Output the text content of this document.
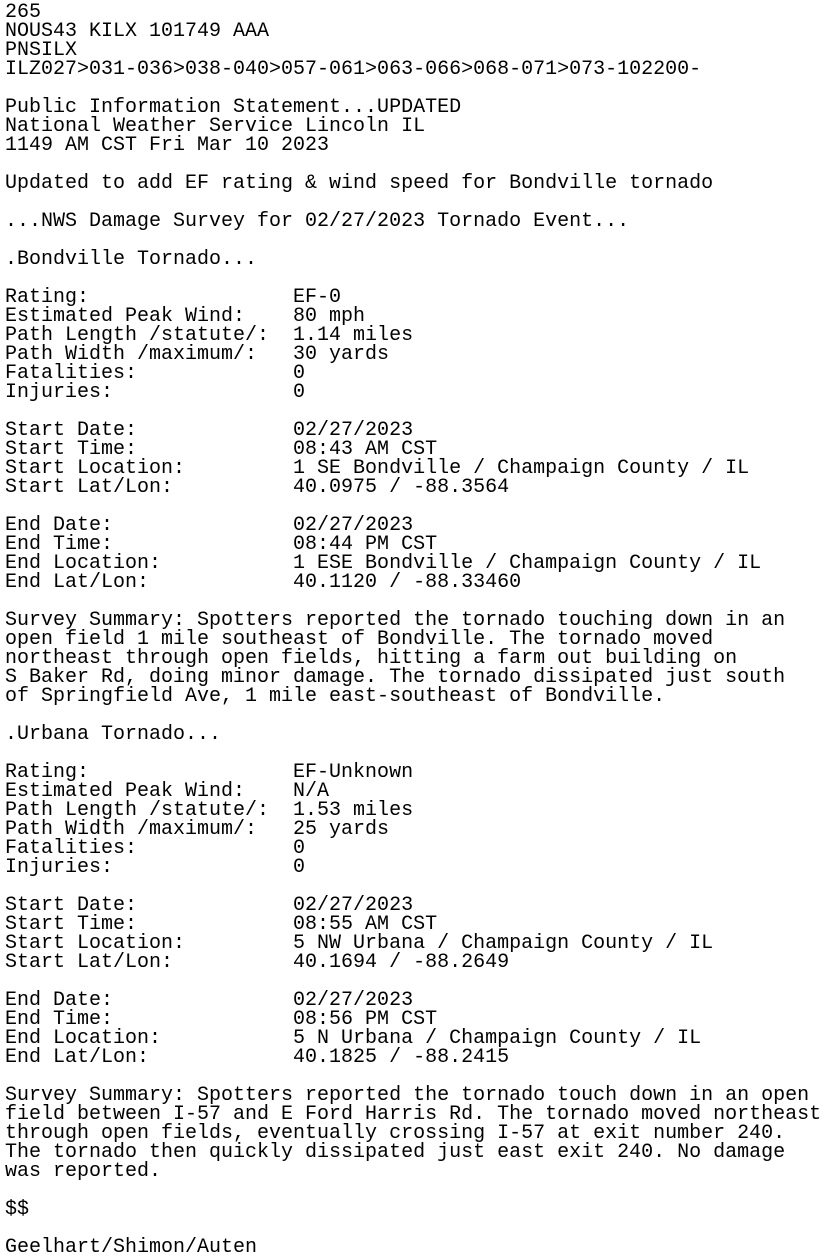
265
NOUS43 KILX 101749 AAA
PNSILX
ILZ027>031-036>038-040>057-061>063-066>068-071>073-102200-
Public Information Statement...UPDATED
National Weather Service Lincoln IL
1149 AM CST Fri Mar 10 2023
Updated to add EF rating & wind speed for Bondville tornado
...NWS Damage Survey for 02/27/2023 Tornado Event...
.Bondville Tornado...
Rating:                 EF-0
Estimated Peak Wind:    80 mph
Path Length /statute/:  1.14 miles
Path Width /maximum/:   30 yards
Fatalities:             0
Injuries:               0
Start Date:             02/27/2023
Start Time:             08:43 AM CST
Start Location:         1 SE Bondville / Champaign County / IL
Start Lat/Lon:          40.0975 / -88.3564
End Date:               02/27/2023
End Time:               08:44 PM CST
End Location:           1 ESE Bondville / Champaign County / IL
End Lat/Lon:            40.1120 / -88.33460
Survey Summary: Spotters reported the tornado touching down in an
open field 1 mile southeast of Bondville. The tornado moved
northeast through open fields, hitting a farm out building on
S Baker Rd, doing minor damage. The tornado dissipated just south
of Springfield Ave, 1 mile east-southeast of Bondville.
.Urbana Tornado...
Rating:                 EF-Unknown
Estimated Peak Wind:    N/A
Path Length /statute/:  1.53 miles
Path Width /maximum/:   25 yards
Fatalities:             0
Injuries:               0
Start Date:             02/27/2023
Start Time:             08:55 AM CST
Start Location:         5 NW Urbana / Champaign County / IL
Start Lat/Lon:          40.1694 / -88.2649
End Date:               02/27/2023
End Time:               08:56 PM CST
End Location:           5 N Urbana / Champaign County / IL
End Lat/Lon:            40.1825 / -88.2415
Survey Summary: Spotters reported the tornado touch down in an open
field between I-57 and E Ford Harris Rd. The tornado moved northeast
through open fields, eventually crossing I-57 at exit number 240.
The tornado then quickly dissipated just east exit 240. No damage
was reported.
$$
Geelhart/Shimon/Auten
